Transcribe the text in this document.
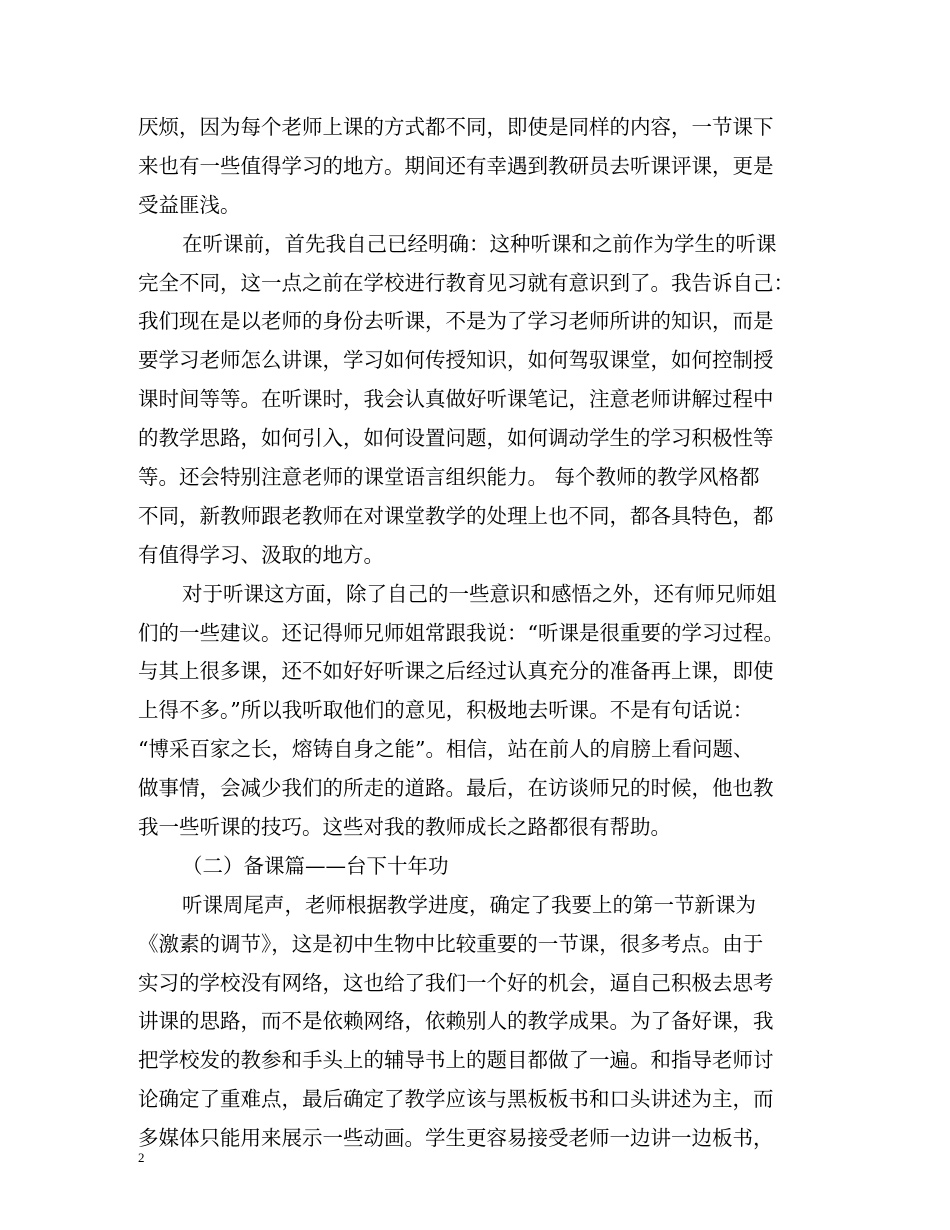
厌烦，因为每个老师上课的方式都不同，即使是同样的内容，一节课下
来也有一些值得学习的地方。期间还有幸遇到教研员去听课评课，更是
受益匪浅。
在听课前，首先我自己已经明确：这种听课和之前作为学生的听课
完全不同，这一点之前在学校进行教育见习就有意识到了。我告诉自己：
我们现在是以老师的身份去听课，不是为了学习老师所讲的知识，而是
要学习老师怎么讲课，学习如何传授知识，如何驾驭课堂，如何控制授
课时间等等。在听课时，我会认真做好听课笔记，注意老师讲解过程中
的教学思路，如何引入，如何设置问题，如何调动学生的学习积极性等
等。还会特别注意老师的课堂语言组织能力。 每个教师的教学风格都
不同，新教师跟老教师在对课堂教学的处理上也不同，都各具特色，都
有值得学习、汲取的地方。
对于听课这方面，除了自己的一些意识和感悟之外，还有师兄师姐
们的一些建议。还记得师兄师姐常跟我说：“听课是很重要的学习过程。
与其上很多课，还不如好好听课之后经过认真充分的准备再上课，即使
上得不多。”所以我听取他们的意见，积极地去听课。不是有句话说：
“博采百家之长，熔铸自身之能”。相信，站在前人的肩膀上看问题、
做事情，会减少我们的所走的道路。最后，在访谈师兄的时候，他也教
我一些听课的技巧。这些对我的教师成长之路都很有帮助。
（二）备课篇——台下十年功
听课周尾声，老师根据教学进度，确定了我要上的第一节新课为
《激素的调节》，这是初中生物中比较重要的一节课，很多考点。由于
实习的学校没有网络，这也给了我们一个好的机会，逼自己积极去思考
讲课的思路，而不是依赖网络，依赖别人的教学成果。为了备好课，我
把学校发的教参和手头上的辅导书上的题目都做了一遍。和指导老师讨
论确定了重难点，最后确定了教学应该与黑板板书和口头讲述为主，而
多媒体只能用来展示一些动画。学生更容易接受老师一边讲一边板书，
2
